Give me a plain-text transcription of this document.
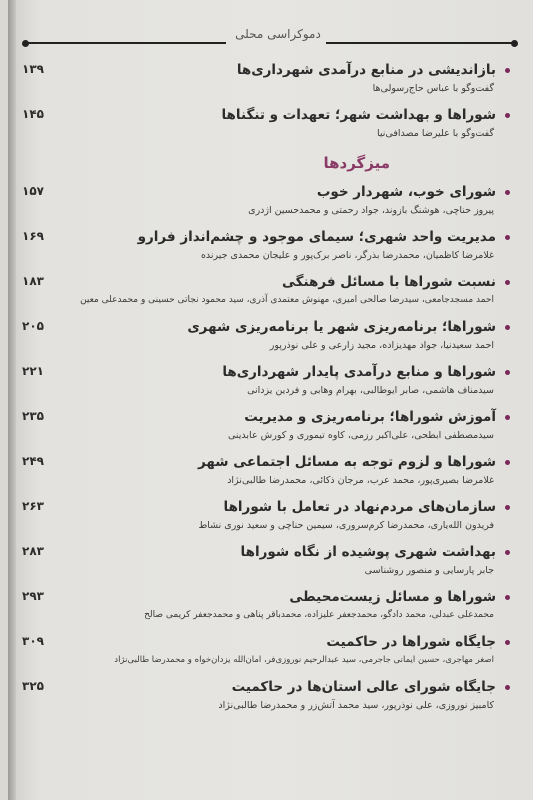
دموکراسی محلی
بازاندیشی در منابع درآمدی شهرداری‌ها
گفت‌وگو با عباس حاج‌رسولی‌ها
۱۳۹
شوراها و بهداشت شهر؛ تعهدات و تنگناها
گفت‌وگو با علیرضا مصدافی‌نیا
۱۴۵
میزگردها
شورای خوب، شهردار خوب
پیروز حناچی، هوشنگ بازوند، جواد رحمتی و محمدحسین اژدری
۱۵۷
مدیریت واحد شهری؛ سیمای موجود و چشم‌انداز فرارو
غلامرضا کاظمیان، محمدرضا بذرگر، ناصر برک‌پور و علیجان محمدی جیرنده
۱۶۹
نسبت شوراها با مسائل فرهنگی
احمد مسجدجامعی، سیدرضا صالحی امیری، مهنوش معتمدی آذری، سید محمود نجاتی حسینی و محمدعلی معین
۱۸۳
شوراها؛ برنامه‌ریزی شهر یا برنامه‌ریزی شهری
احمد سعیدنیا، جواد مهدیزاده، مجید زارعی و علی نوذرپور
۲۰۵
شوراها و منابع درآمدی پایدار شهرداری‌ها
سیدمناف هاشمی، صابر ایوطالبی، بهرام وهابی و فردین یزدانی
۲۲۱
آموزش شوراها؛ برنامه‌ریزی و مدیریت
سیدمصطفی ابطحی، علی‌اکبر رزمی، کاوه تیموری و کورش عابدینی
۲۳۵
شوراها و لزوم توجه به مسائل اجتماعی شهر
غلامرضا بصیری‌پور، محمد عرب، مرجان ذکائی، محمدرضا طالبی‌نژاد
۲۴۹
سازمان‌های مردم‌نهاد در تعامل با شوراها
فریدون الله‌یاری، محمدرضا کرم‌سروری، سیمین حناچی و سعید نوری نشاط
۲۶۳
بهداشت شهری پوشیده از نگاه شوراها
جابر پارسایی و منصور روشناسی
۲۸۳
شوراها و مسائل زیست‌محیطی
محمدعلی عبدلی، محمد دادگو، محمدجعفر علیزاده، محمدباقر پناهی و محمدجعفر کریمی صالح
۲۹۳
جایگاه شوراها در حاکمیت
اصغر مهاجری، حسین ایمانی جاجرمی، سید عبدالرحیم نوروزی‌فر، امان‌الله یزدان‌خواه و محمدرضا طالبی‌نژاد
۳۰۹
جایگاه شورای عالی استان‌ها در حاکمیت
کامبیز نوروزی، علی نوذرپور، سید محمد آتش‌زر و محمدرضا طالبی‌نژاد
۳۲۵
